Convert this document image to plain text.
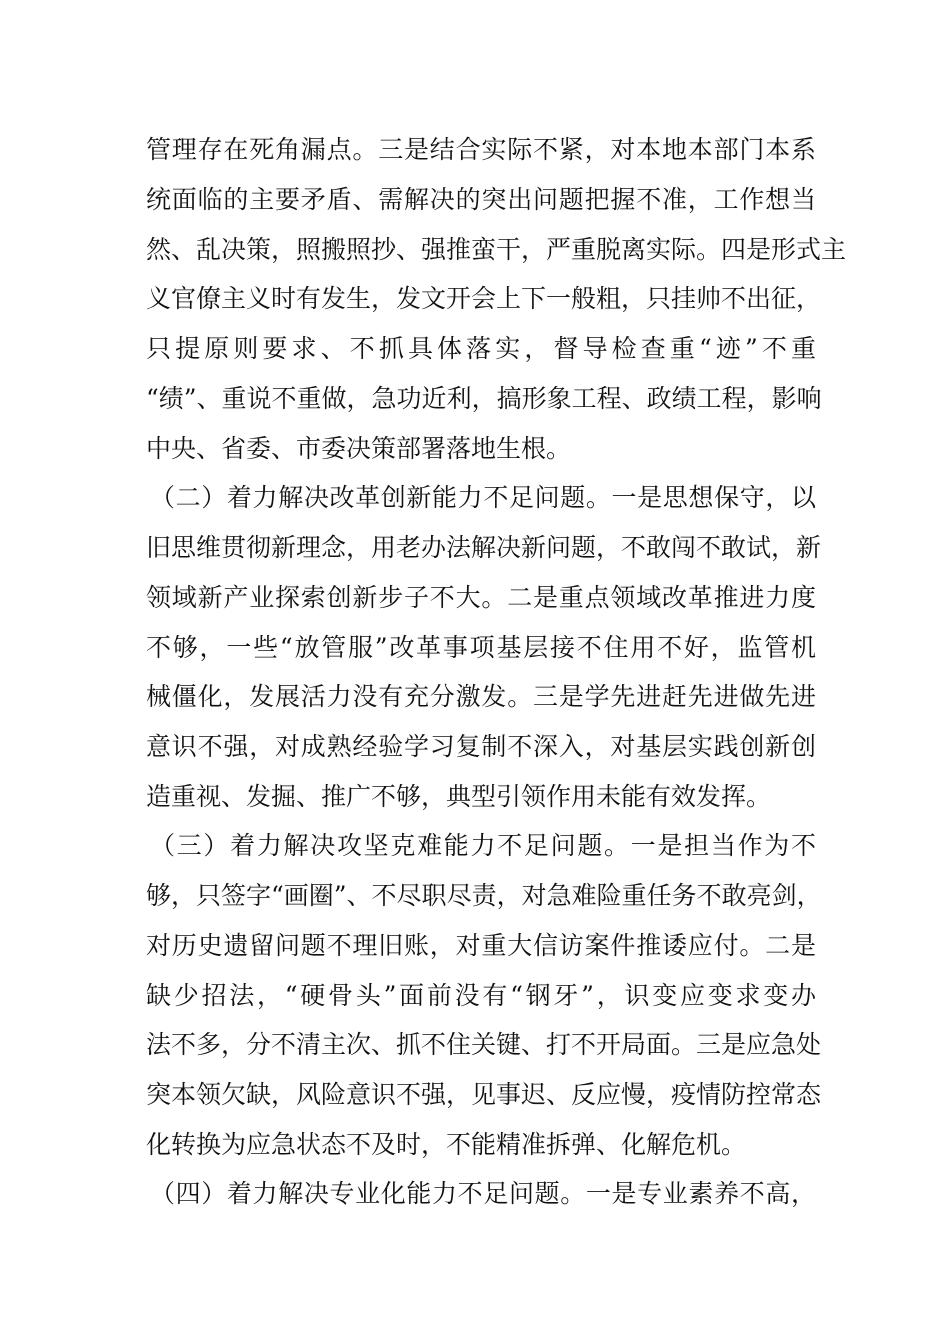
管理存在死角漏点。三是结合实际不紧，对本地本部门本系
统面临的主要矛盾、需解决的突出问题把握不准，工作想当
然、乱决策，照搬照抄、强推蛮干，严重脱离实际。四是形式主
义官僚主义时有发生，发文开会上下一般粗，只挂帅不出征，
只提原则要求、不抓具体落实，督导检查重“迹”不重
“绩”、重说不重做，急功近利，搞形象工程、政绩工程，影响
中央、省委、市委决策部署落地生根。
（二）着力解决改革创新能力不足问题。一是思想保守，以
旧思维贯彻新理念，用老办法解决新问题，不敢闯不敢试，新
领域新产业探索创新步子不大。二是重点领域改革推进力度
不够，一些“放管服”改革事项基层接不住用不好，监管机
械僵化，发展活力没有充分激发。三是学先进赶先进做先进
意识不强，对成熟经验学习复制不深入，对基层实践创新创
造重视、发掘、推广不够，典型引领作用未能有效发挥。
（三）着力解决攻坚克难能力不足问题。一是担当作为不
够，只签字“画圈”、不尽职尽责，对急难险重任务不敢亮剑，
对历史遗留问题不理旧账，对重大信访案件推诿应付。二是
缺少招法，“硬骨头”面前没有“钢牙”，识变应变求变办
法不多，分不清主次、抓不住关键、打不开局面。三是应急处
突本领欠缺，风险意识不强，见事迟、反应慢，疫情防控常态
化转换为应急状态不及时，不能精准拆弹、化解危机。
（四）着力解决专业化能力不足问题。一是专业素养不高，
